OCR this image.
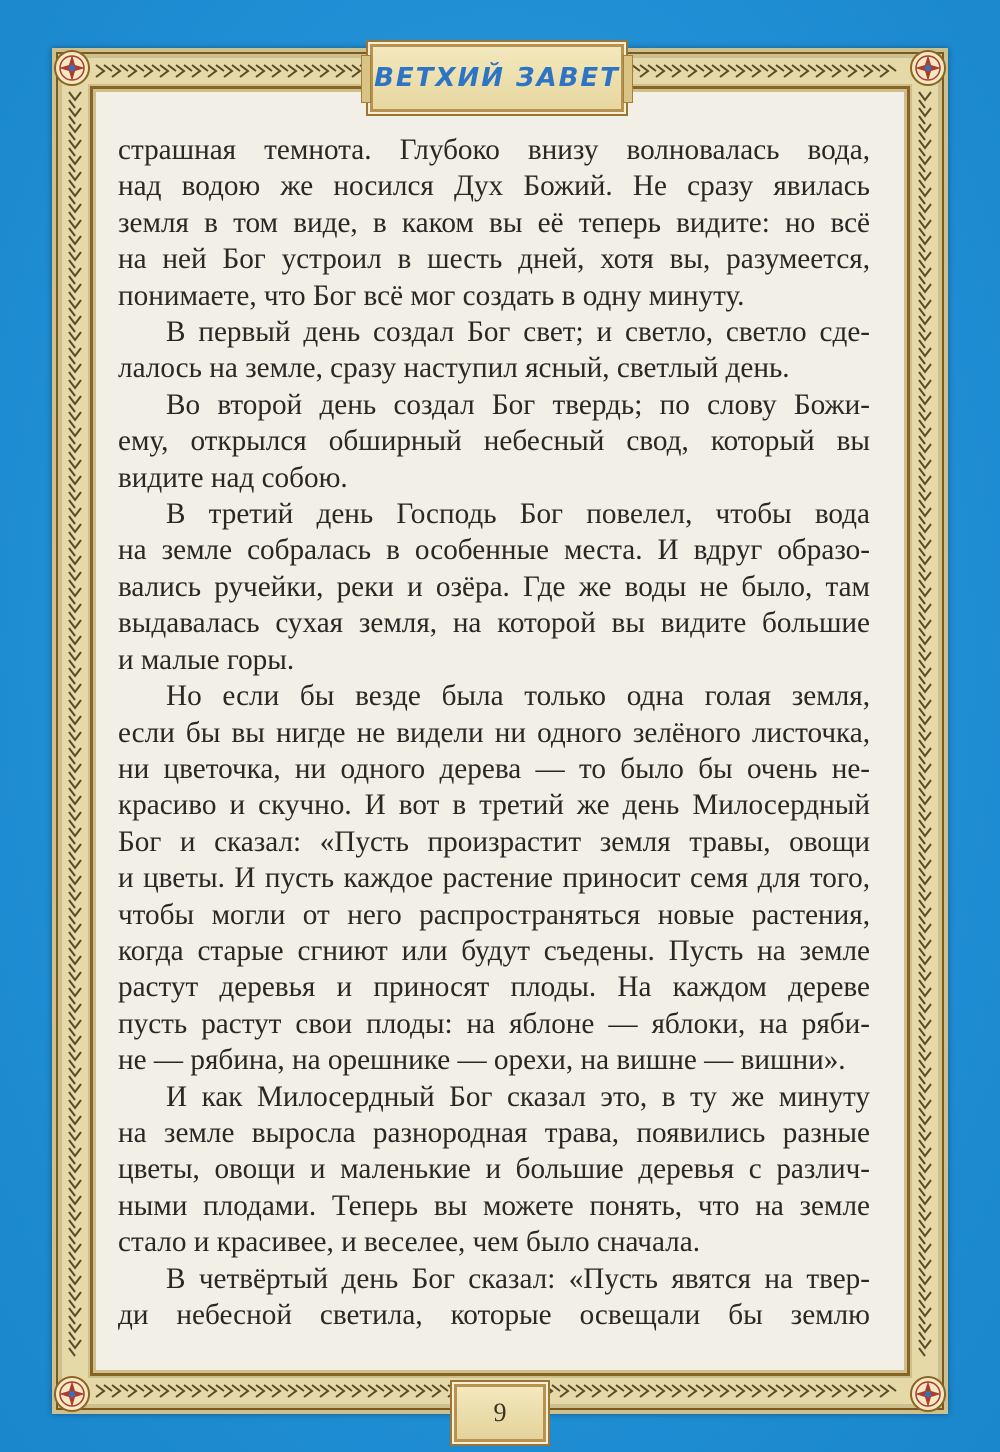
ВЕТХИЙ ЗАВЕТ
страшная темнота. Глубоко внизу волновалась вода,
над водою же носился Дух Божий. Не сразу явилась
земля в том виде, в каком вы её теперь видите: но всё
на ней Бог устроил в шесть дней, хотя вы, разумеется,
понимаете, что Бог всё мог создать в одну минуту.
В первый день создал Бог свет; и светло, светло сде-
лалось на земле, сразу наступил ясный, светлый день.
Во второй день создал Бог твердь; по слову Божи-
ему, открылся обширный небесный свод, который вы
видите над собою.
В третий день Господь Бог повелел, чтобы вода
на земле собралась в особенные места. И вдруг образо-
вались ручейки, реки и озёра. Где же воды не было, там
выдавалась сухая земля, на которой вы видите большие
и малые горы.
Но если бы везде была только одна голая земля,
если бы вы нигде не видели ни одного зелёного листочка,
ни цветочка, ни одного дерева — то было бы очень не-
красиво и скучно. И вот в третий же день Милосердный
Бог и сказал: «Пусть произрастит земля травы, овощи
и цветы. И пусть каждое растение приносит семя для того,
чтобы могли от него распространяться новые растения,
когда старые сгниют или будут съедены. Пусть на земле
растут деревья и приносят плоды. На каждом дереве
пусть растут свои плоды: на яблоне — яблоки, на ряби-
не — рябина, на орешнике — орехи, на вишне — вишни».
И как Милосердный Бог сказал это, в ту же минуту
на земле выросла разнородная трава, появились разные
цветы, овощи и маленькие и большие деревья с различ-
ными плодами. Теперь вы можете понять, что на земле
стало и красивее, и веселее, чем было сначала.
В четвёртый день Бог сказал: «Пусть явятся на твер-
ди небесной светила, которые освещали бы землю
9
